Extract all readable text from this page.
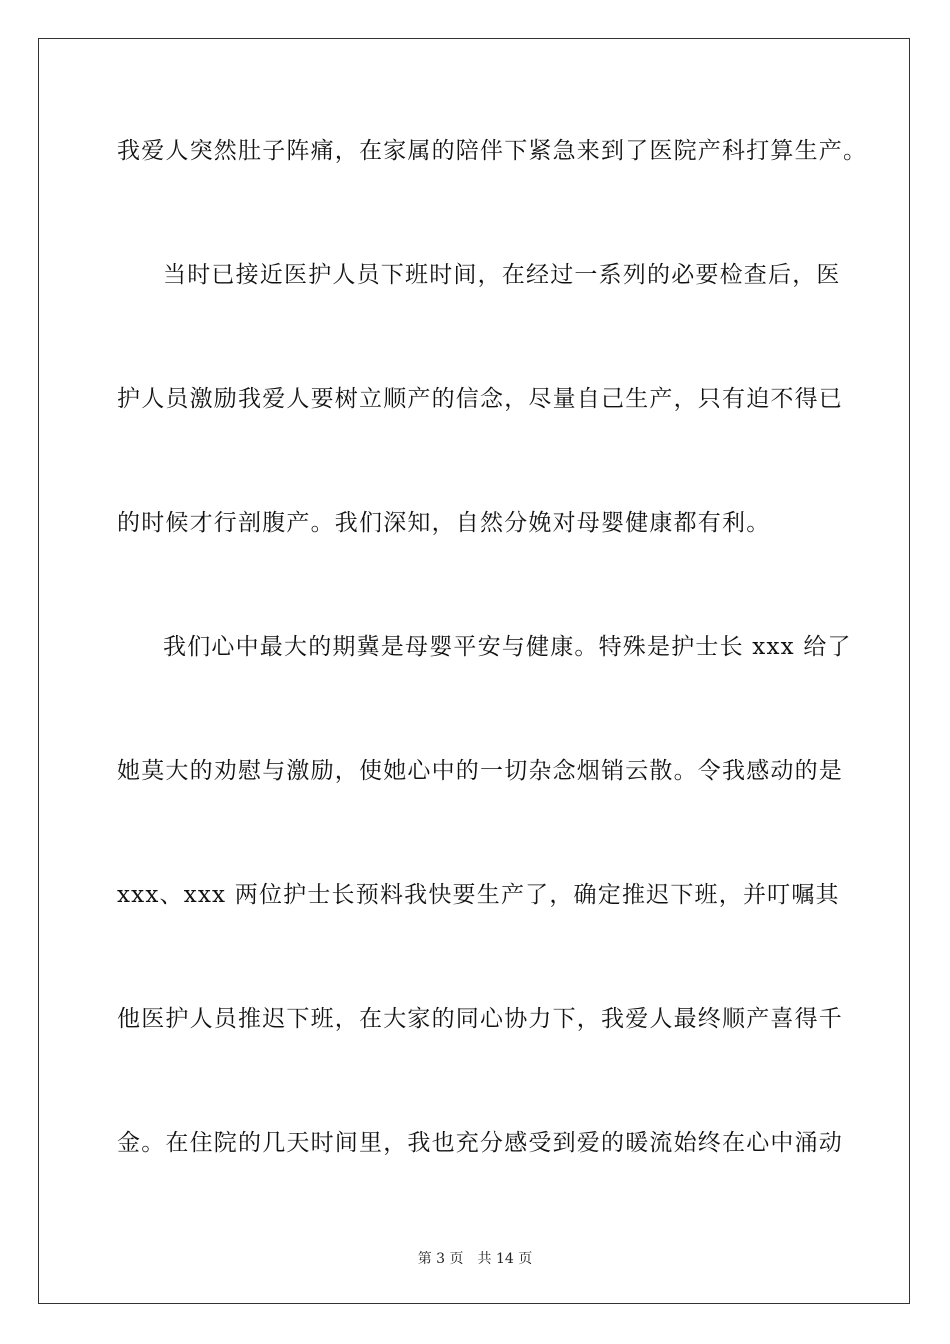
我爱人突然肚子阵痛，在家属的陪伴下紧急来到了医院产科打算生产。
当时已接近医护人员下班时间，在经过一系列的必要检查后，医
护人员激励我爱人要树立顺产的信念，尽量自己生产，只有迫不得已
的时候才行剖腹产。我们深知，自然分娩对母婴健康都有利。
我们心中最大的期冀是母婴平安与健康。特殊是护士长 xxx 给了
她莫大的劝慰与激励，使她心中的一切杂念烟销云散。令我感动的是
xxx、xxx 两位护士长预料我快要生产了，确定推迟下班，并叮嘱其
他医护人员推迟下班，在大家的同心协力下，我爱人最终顺产喜得千
金。在住院的几天时间里，我也充分感受到爱的暖流始终在心中涌动
第 3 页 共 14 页
